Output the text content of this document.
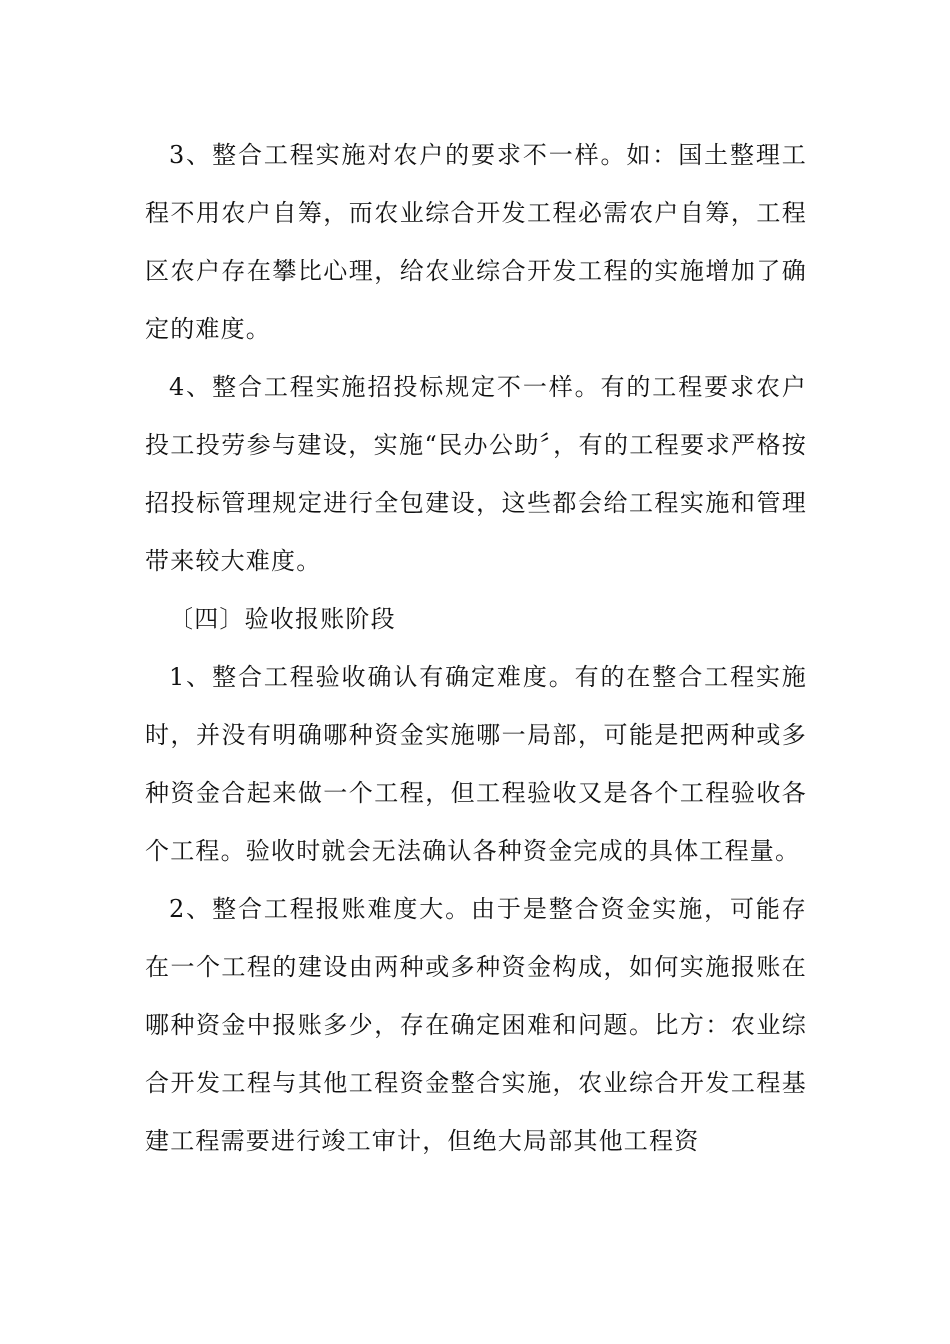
3、整合工程实施对农户的要求不一样。如：国土整理工程不用农户自筹，而农业综合开发工程必需农户自筹，工程区农户存在攀比心理，给农业综合开发工程的实施增加了确定的难度。

4、整合工程实施招投标规定不一样。有的工程要求农户投工投劳参与建设，实施“民办公助〞，有的工程要求严格按招投标管理规定进行全包建设，这些都会给工程实施和管理带来较大难度。

〔四〕验收报账阶段

1、整合工程验收确认有确定难度。有的在整合工程实施时，并没有明确哪种资金实施哪一局部，可能是把两种或多种资金合起来做一个工程，但工程验收又是各个工程验收各个工程。验收时就会无法确认各种资金完成的具体工程量。

2、整合工程报账难度大。由于是整合资金实施，可能存在一个工程的建设由两种或多种资金构成，如何实施报账在哪种资金中报账多少，存在确定困难和问题。比方：农业综合开发工程与其他工程资金整合实施，农业综合开发工程基建工程需要进行竣工审计，但绝大局部其他工程资
